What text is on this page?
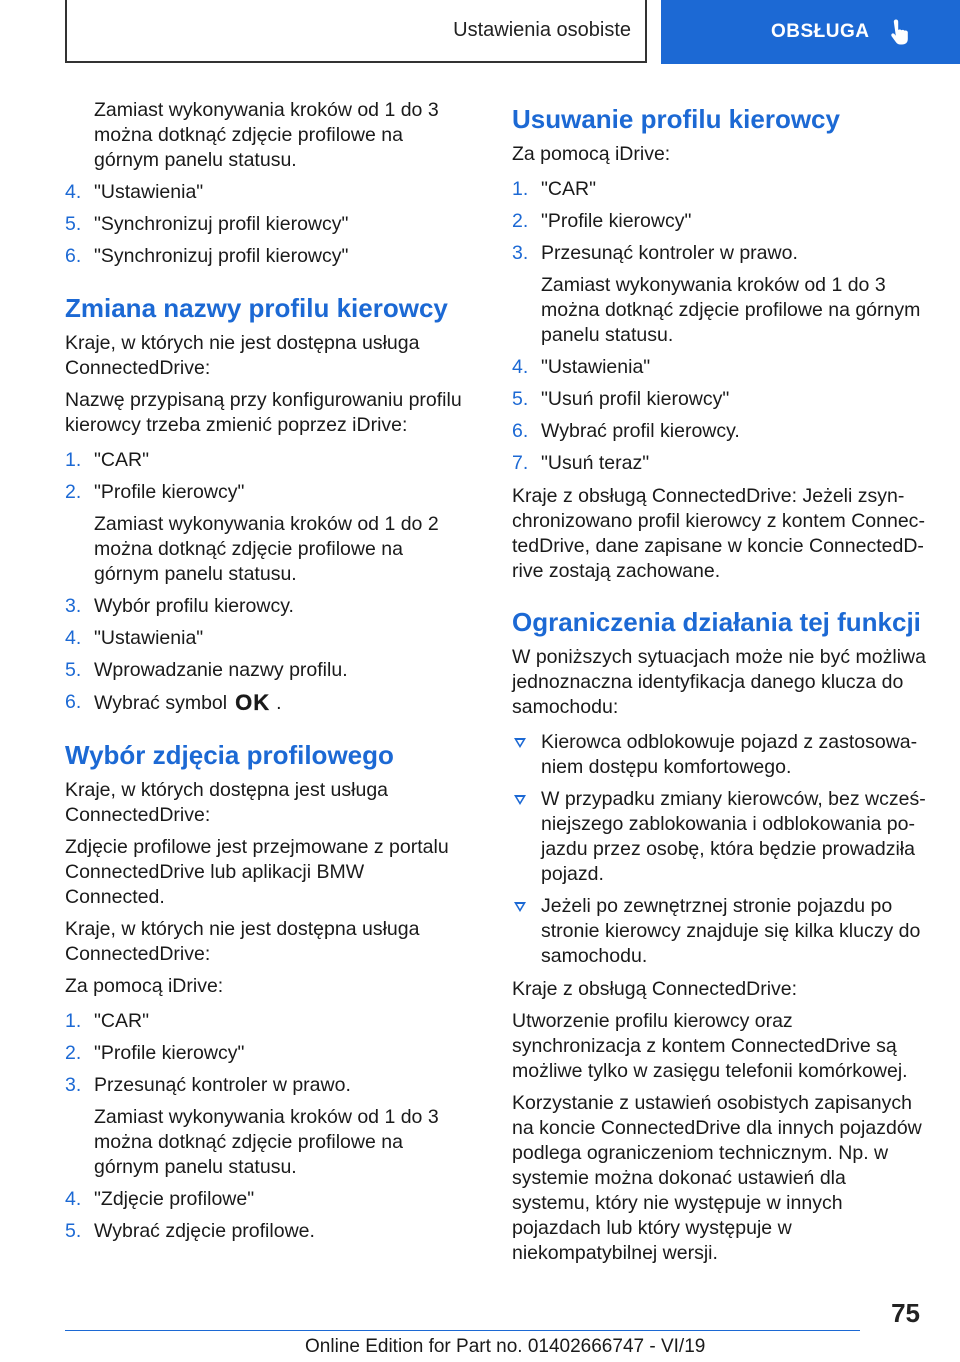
Ustawienia osobiste	OBSŁUGA

Zamiast wykonywania kroków od 1 do 3 można dotknąć zdjęcie profilowe na górnym panelu statusu.

4. "Ustawienia"
5. "Synchronizuj profil kierowcy"
6. "Synchronizuj profil kierowcy"
Zmiana nazwy profilu kierowcy

Kraje, w których nie jest dostępna usługa ConnectedDrive:

Nazwę przypisaną przy konfigurowaniu profilu kierowcy trzeba zmienić poprzez iDrive:

1. "CAR"
2. "Profile kierowcy"
Zamiast wykonywania kroków od 1 do 2 można dotknąć zdjęcie profilowe na górnym panelu statusu.
3. Wybór profilu kierowcy.
4. "Ustawienia"
5. Wprowadzanie nazwy profilu.
6. Wybrać symbol OK .
Wybór zdjęcia profilowego

Kraje, w których dostępna jest usługa ConnectedDrive:

Zdjęcie profilowe jest przejmowane z portalu ConnectedDrive lub aplikacji BMW Connected.

Kraje, w których nie jest dostępna usługa ConnectedDrive:

Za pomocą iDrive:

1. "CAR"
2. "Profile kierowcy"
3. Przesunąć kontroler w prawo.
Zamiast wykonywania kroków od 1 do 3 można dotknąć zdjęcie profilowe na górnym panelu statusu.
4. "Zdjęcie profilowe"
5. Wybrać zdjęcie profilowe.
Usuwanie profilu kierowcy

Za pomocą iDrive:

1. "CAR"
2. "Profile kierowcy"
3. Przesunąć kontroler w prawo.
Zamiast wykonywania kroków od 1 do 3 można dotknąć zdjęcie profilowe na górnym panelu statusu.
4. "Ustawienia"
5. "Usuń profil kierowcy"
6. Wybrać profil kierowcy.
7. "Usuń teraz"

Kraje z obsługą ConnectedDrive: Jeżeli zsynchronizowano profil kierowcy z kontem ConnectedDrive, dane zapisane w koncie ConnectedDrive zostają zachowane.

Ograniczenia działania tej funkcji

W poniższych sytuacjach może nie być możliwa jednoznaczna identyfikacja danego klucza do samochodu:

Kierowca odblokowuje pojazd z zastosowaniem dostępu komfortowego.
W przypadku zmiany kierowców, bez wcześniejszego zablokowania i odblokowania pojazdu przez osobę, która będzie prowadziła pojazd.
Jeżeli po zewnętrznej stronie pojazdu po stronie kierowcy znajduje się kilka kluczy do samochodu.

Kraje z obsługą ConnectedDrive:

Utworzenie profilu kierowcy oraz synchronizacja z kontem ConnectedDrive są możliwe tylko w zasięgu telefonii komórkowej.

Korzystanie z ustawień osobistych zapisanych na koncie ConnectedDrive dla innych pojazdów podlega ograniczeniom technicznym. Np. w systemie można dokonać ustawień dla systemu, który nie występuje w innych pojazdach lub który występuje w niekompatybilnej wersji.

75
Online Edition for Part no. 01402666747 - VI/19
